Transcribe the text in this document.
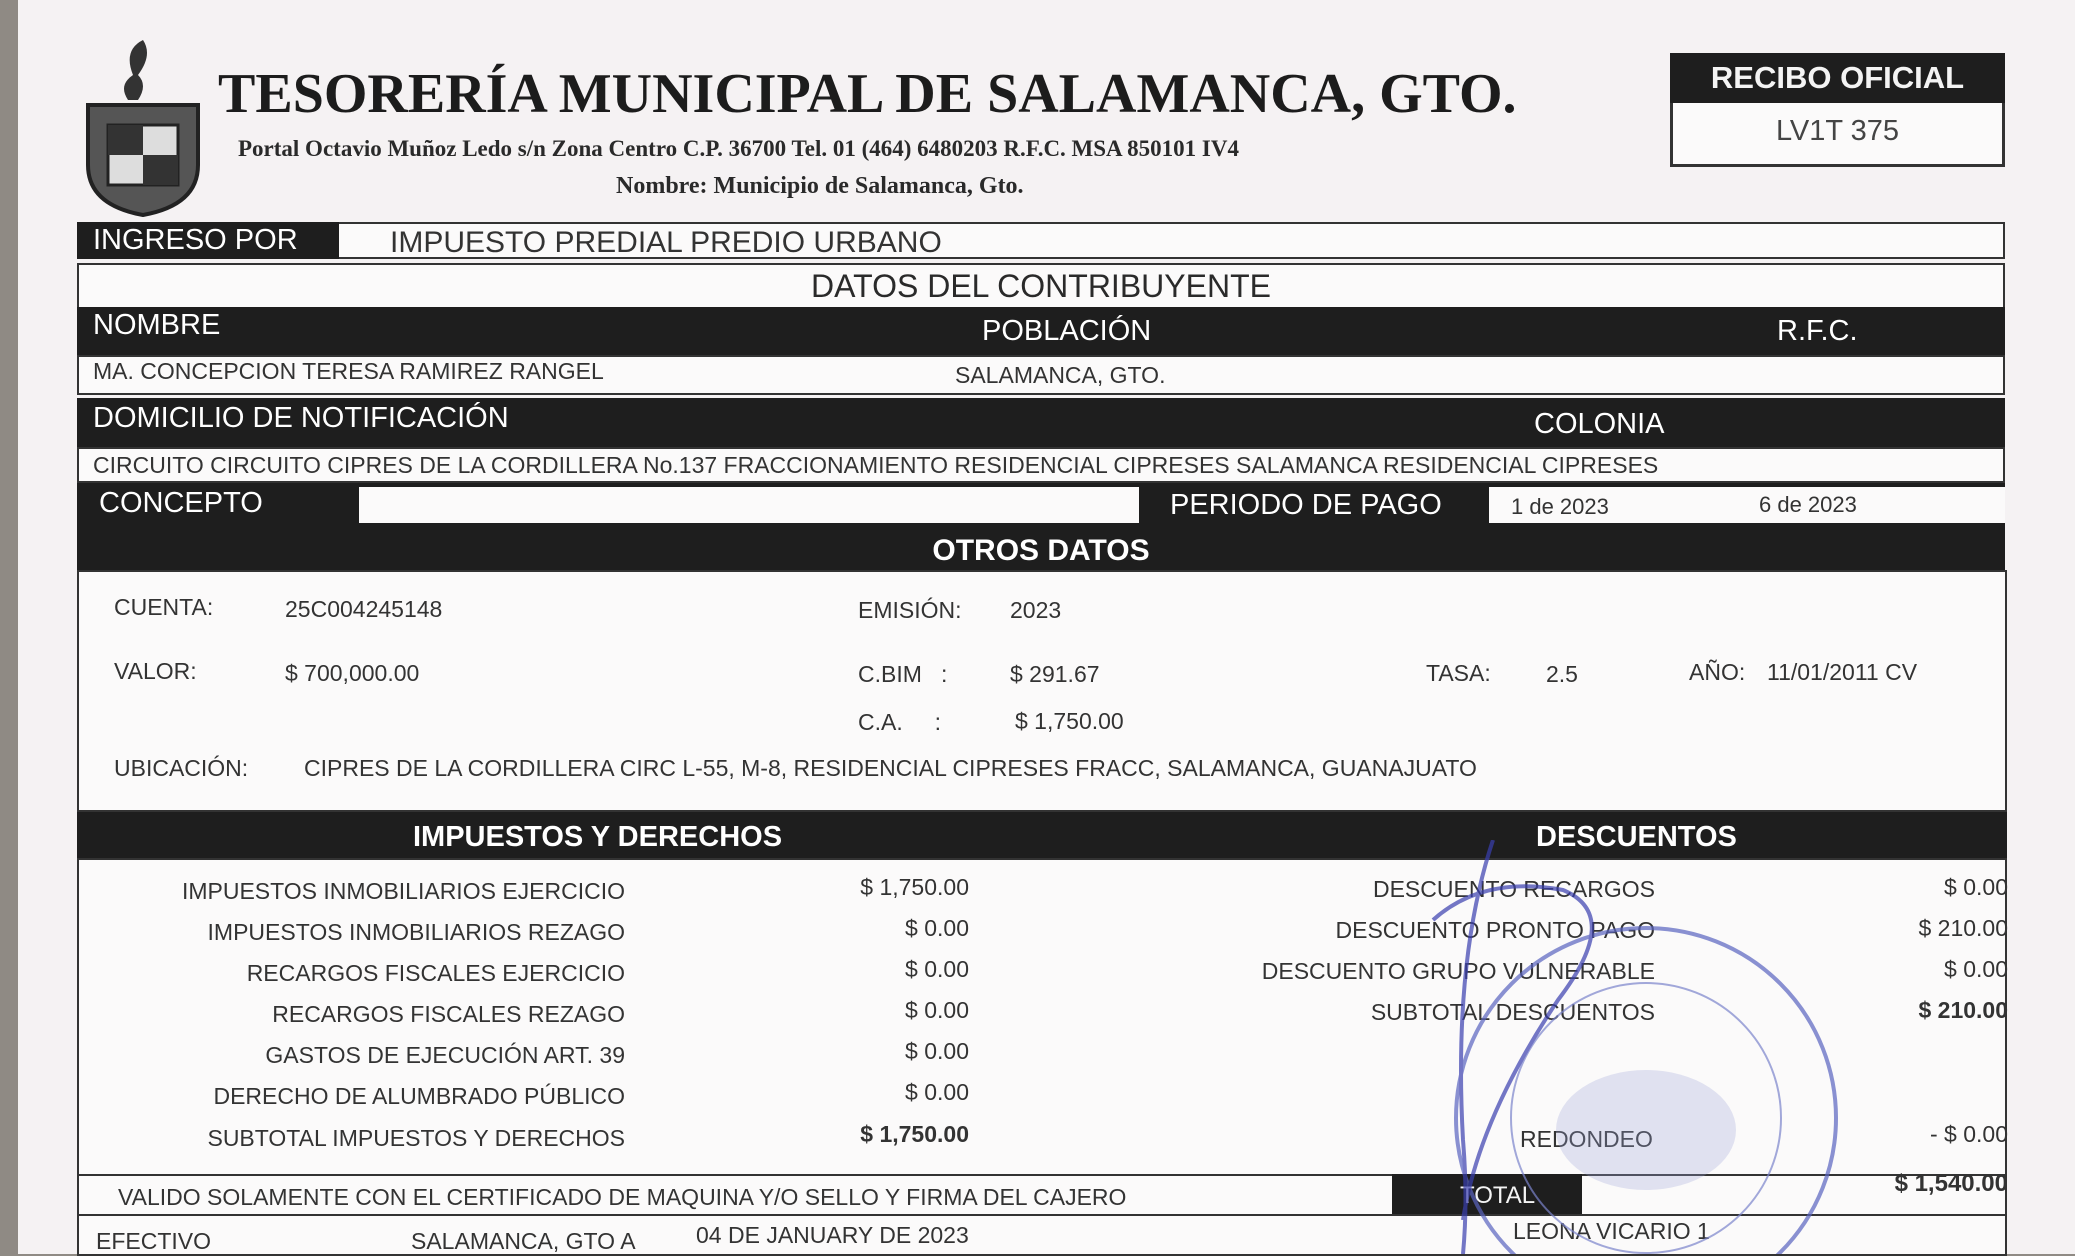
TESORERÍA MUNICIPAL DE SALAMANCA, GTO.
Portal Octavio Muñoz Ledo s/n Zona Centro C.P. 36700 Tel. 01 (464) 6480203 R.F.C. MSA 850101 IV4
Nombre: Municipio de Salamanca, Gto.
RECIBO OFICIAL
LV1T 375
INGRESO POR	IMPUESTO PREDIAL PREDIO URBANO
DATOS DEL CONTRIBUYENTE
NOMBRE	POBLACIÓN	R.F.C.
MA. CONCEPCION TERESA RAMIREZ RANGEL	SALAMANCA, GTO.
DOMICILIO DE NOTIFICACIÓN	COLONIA
CIRCUITO CIRCUITO CIPRES DE LA CORDILLERA No.137 FRACCIONAMIENTO RESIDENCIAL CIPRESES SALAMANCA RESIDENCIAL CIPRESES
CONCEPTO	PERIODO DE PAGO	1 de 2023	6 de 2023
OTROS DATOS
CUENTA:	25C004245148	EMISIÓN: 2023
VALOR:	$ 700,000.00	C.BIM   :	$ 291.67	TASA: 2.5	AÑO: 11/01/2011 CV
C.A.     :	$ 1,750.00
UBICACIÓN: CIPRES DE LA CORDILLERA CIRC L-55, M-8, RESIDENCIAL CIPRESES FRACC, SALAMANCA, GUANAJUATO
IMPUESTOS Y DERECHOS	DESCUENTOS
IMPUESTOS INMOBILIARIOS EJERCICIO	$ 1,750.00
IMPUESTOS INMOBILIARIOS REZAGO	$ 0.00
RECARGOS FISCALES EJERCICIO	$ 0.00
RECARGOS FISCALES REZAGO	$ 0.00
GASTOS DE EJECUCIÓN ART. 39	$ 0.00
DERECHO DE ALUMBRADO PÚBLICO	$ 0.00
SUBTOTAL IMPUESTOS Y DERECHOS	$ 1,750.00
DESCUENTO RECARGOS	$ 0.00
DESCUENTO PRONTO PAGO	$ 210.00
DESCUENTO GRUPO VULNERABLE	$ 0.00
SUBTOTAL DESCUENTOS	$ 210.00
REDONDEO	- $ 0.00
VALIDO SOLAMENTE CON EL CERTIFICADO DE MAQUINA Y/O SELLO Y FIRMA DEL CAJERO	TOTAL	$ 1,540.00
EFECTIVO	SALAMANCA, GTO A	04 DE JANUARY DE 2023	LEONA VICARIO 1
